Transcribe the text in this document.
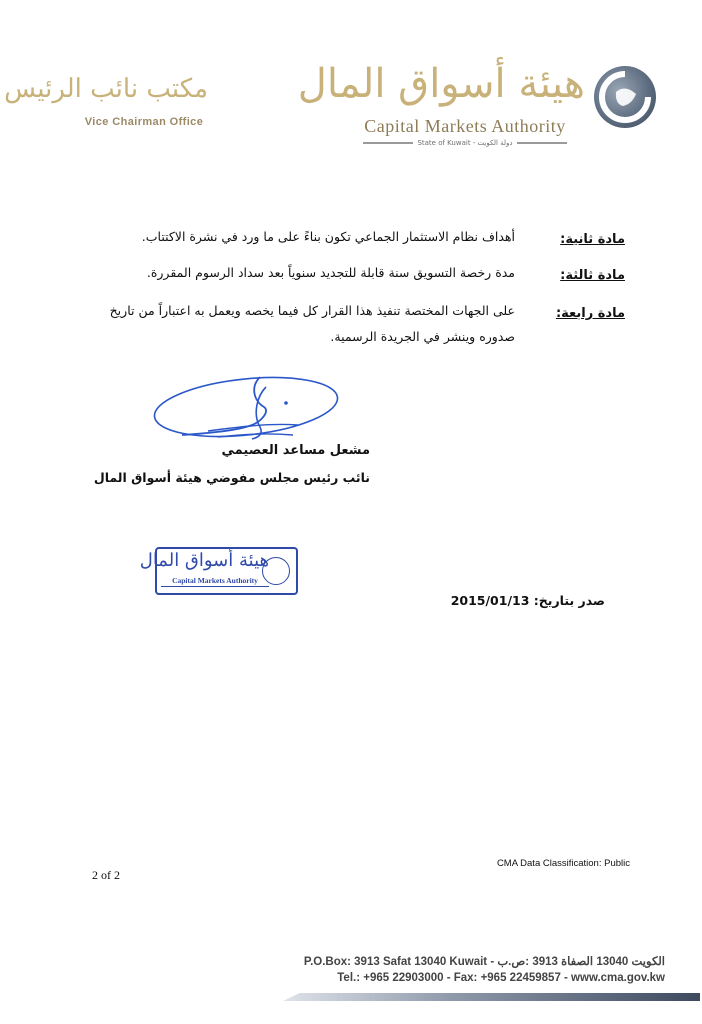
هيئة أسواق المال
Capital Markets Authority
State of Kuwait - دولة الكويت
مكتب نائب الرئيس
Vice Chairman Office
مادة ثانية:
أهداف نظام الاستثمار الجماعي تكون بناءً على ما ورد في نشرة الاكتتاب.
مادة ثالثة:
مدة رخصة التسويق سنة قابلة للتجديد سنوياً بعد سداد الرسوم المقررة.
مادة رابعة:
على الجهات المختصة تنفيذ هذا القرار كل فيما يخصه ويعمل به اعتباراً من تاريخ صدوره وينشر في الجريدة الرسمية.
مشعل مساعد العصيمي
نائب رئيس مجلس مفوضي هيئة أسواق المال
هيئة أسواق المال
Capital Markets Authority
صدر بتاريخ: 2015/01/13
CMA Data Classification: Public
2 of 2
P.O.Box: 3913 Safat 13040 Kuwait - الكويت 13040 الصفاة 3913 :ص.ب
Tel.: +965 22903000 - Fax: +965 22459857 - www.cma.gov.kw
